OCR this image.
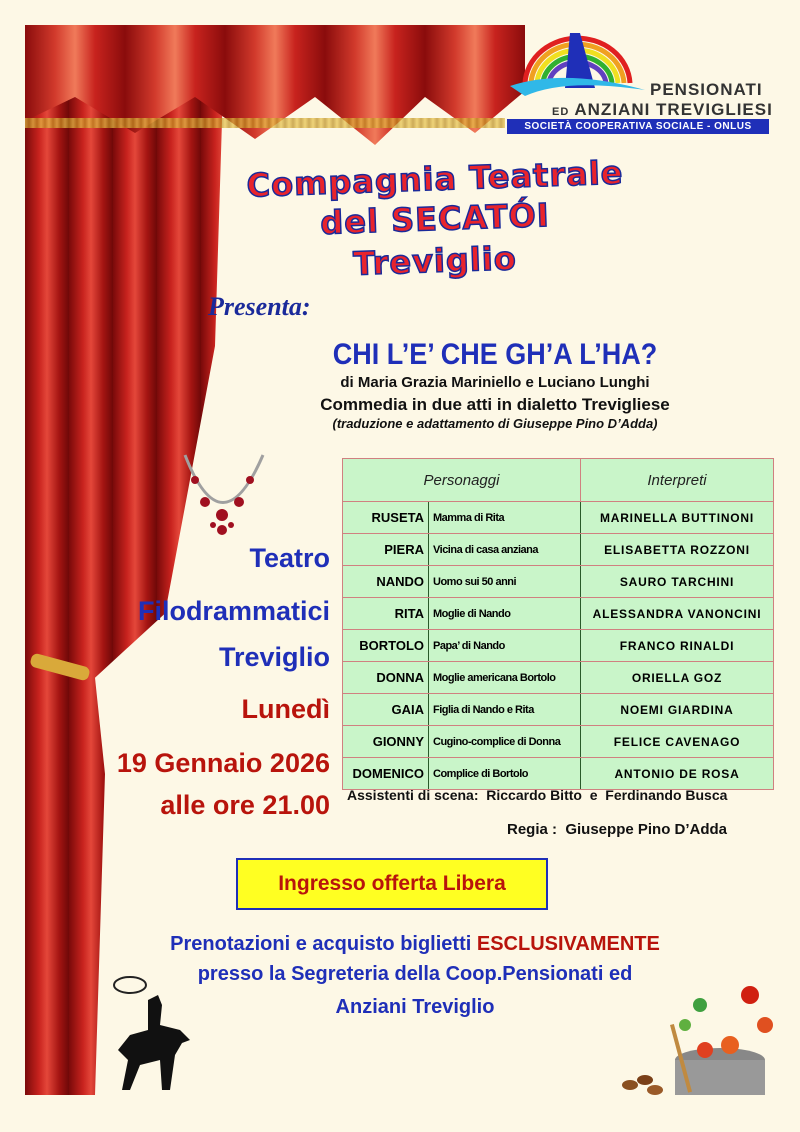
PENSIONATI
ED ANZIANI TREVIGLIESI
SOCIETÀ COOPERATIVA SOCIALE - ONLUS
Compagnia Teatrale
del SECATÓI
Treviglio
Presenta:
CHI L’E’ CHE GH’A L’HA?
di Maria Grazia Mariniello e Luciano Lunghi
Commedia in due atti in dialetto Trevigliese
(traduzione e adattamento di Giuseppe Pino D’Adda)
Personaggi		Interpreti
RUSETA	Mamma di Rita	MARINELLA BUTTINONI
PIERA	Vicina di casa anziana	ELISABETTA ROZZONI
NANDO	Uomo sui 50 anni	SAURO TARCHINI
RITA	Moglie di Nando	ALESSANDRA VANONCINI
BORTOLO	Papa’ di Nando	FRANCO RINALDI
DONNA	Moglie americana Bortolo	ORIELLA GOZ
GAIA	Figlia di Nando e Rita	NOEMI GIARDINA
GIONNY	Cugino-complice di Donna	FELICE CAVENAGO
DOMENICO	Complice di Bortolo	ANTONIO DE ROSA
Teatro
Filodrammatici
Treviglio
Lunedì
19 Gennaio 2026
alle ore 21.00 Assistenti di scena:  Riccardo Bitto  e  Ferdinando Busca
Regia :  Giuseppe Pino D’Adda
Ingresso offerta Libera
Prenotazioni e acquisto biglietti ESCLUSIVAMENTE
presso la Segreteria della Coop.Pensionati ed
Anziani Treviglio
